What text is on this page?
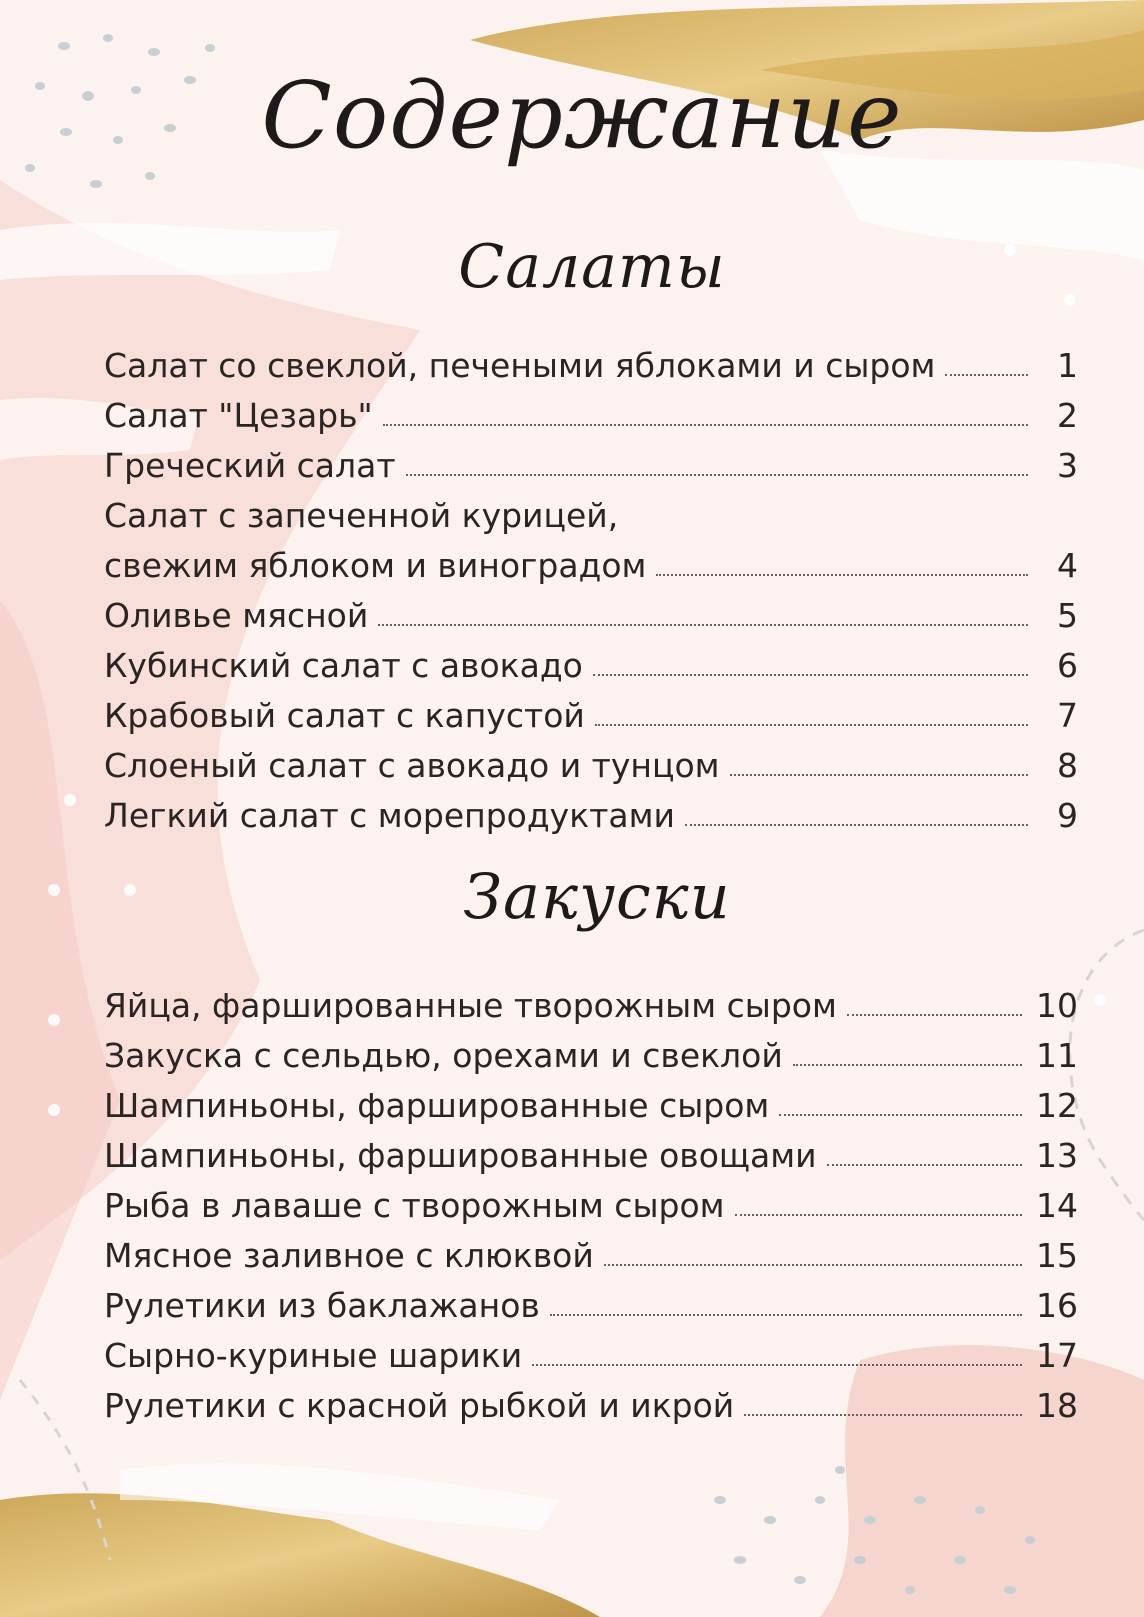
Содержание
Салаты
Салат со свеклой, печеными яблоками и сыром	1
Салат "Цезарь"	2
Греческий салат	3
Салат с запеченной курицей,
свежим яблоком и виноградом	4
Оливье мясной	5
Кубинский салат с авокадо	6
Крабовый салат с капустой	7
Слоеный салат с авокадо и тунцом	8
Легкий салат с морепродуктами	9
Закуски
Яйца, фаршированные творожным сыром	10
Закуска с сельдью, орехами и свеклой	11
Шампиньоны, фаршированные сыром	12
Шампиньоны, фаршированные овощами	13
Рыба в лаваше с творожным сыром	14
Мясное заливное с клюквой	15
Рулетики из баклажанов	16
Сырно-куриные шарики	17
Рулетики с красной рыбкой и икрой	18
